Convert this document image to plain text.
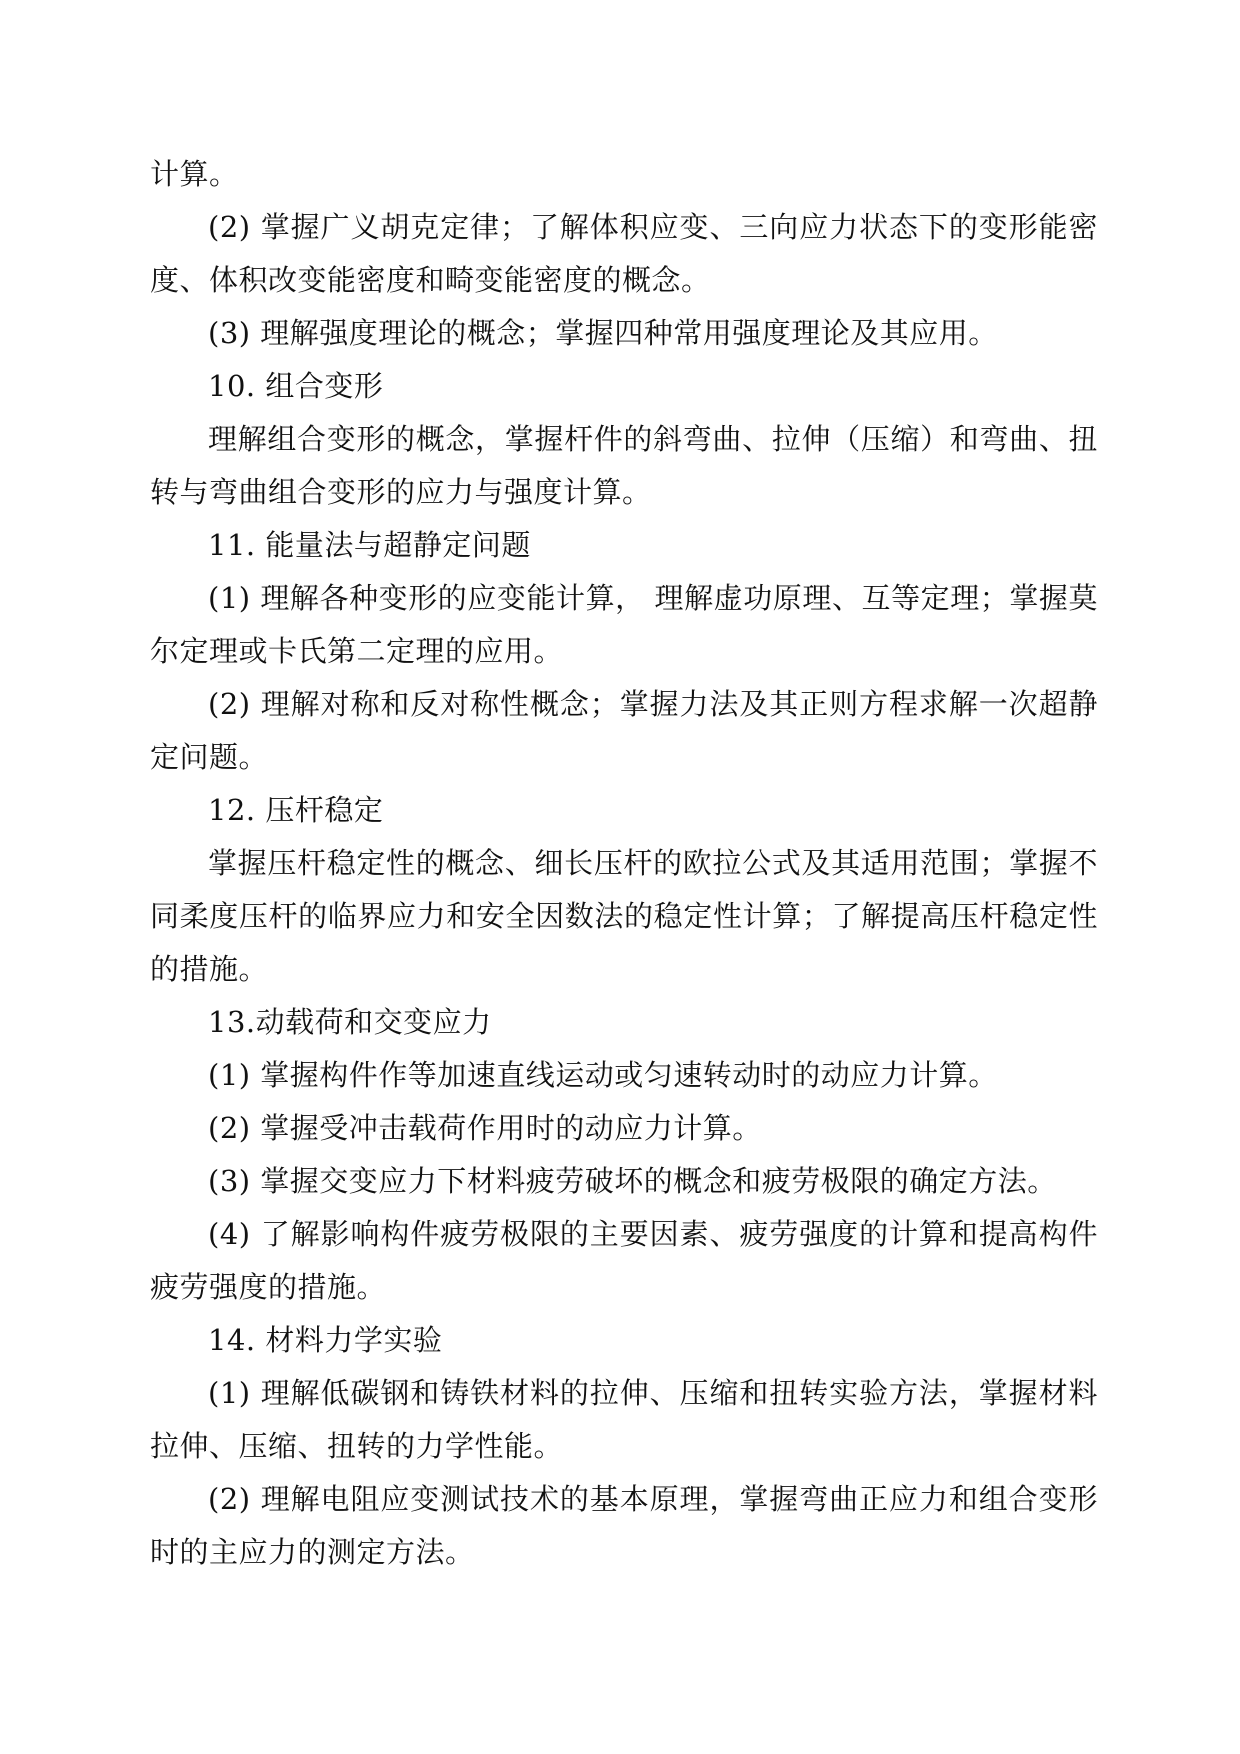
计算。
(2) 掌握广义胡克定律；了解体积应变、三向应力状态下的变形能密
度、体积改变能密度和畸变能密度的概念。
(3) 理解强度理论的概念；掌握四种常用强度理论及其应用。
10. 组合变形
理解组合变形的概念，掌握杆件的斜弯曲、拉伸（压缩）和弯曲、扭
转与弯曲组合变形的应力与强度计算。
11. 能量法与超静定问题
(1) 理解各种变形的应变能计算， 理解虚功原理、互等定理；掌握莫
尔定理或卡氏第二定理的应用。
(2) 理解对称和反对称性概念；掌握力法及其正则方程求解一次超静
定问题。
12. 压杆稳定
掌握压杆稳定性的概念、细长压杆的欧拉公式及其适用范围；掌握不
同柔度压杆的临界应力和安全因数法的稳定性计算；了解提高压杆稳定性
的措施。
13.动载荷和交变应力
(1) 掌握构件作等加速直线运动或匀速转动时的动应力计算。
(2) 掌握受冲击载荷作用时的动应力计算。
(3) 掌握交变应力下材料疲劳破坏的概念和疲劳极限的确定方法。
(4) 了解影响构件疲劳极限的主要因素、疲劳强度的计算和提高构件
疲劳强度的措施。
14. 材料力学实验
(1) 理解低碳钢和铸铁材料的拉伸、压缩和扭转实验方法，掌握材料
拉伸、压缩、扭转的力学性能。
(2) 理解电阻应变测试技术的基本原理，掌握弯曲正应力和组合变形
时的主应力的测定方法。
